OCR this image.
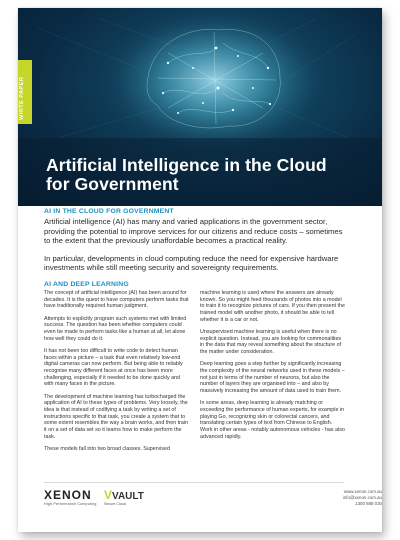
Artificial Intelligence in the Cloud
for Government
WHITE PAPER
AI IN THE CLOUD FOR GOVERNMENT

Artificial intelligence (AI) has many and varied applications in the government sector, providing the potential to improve services for our citizens and reduce costs – sometimes to the extent that the previously unaffordable becomes a practical reality.

In particular, developments in cloud computing reduce the need for expensive hardware investments while still meeting security and sovereignty requirements.

AI AND DEEP LEARNING

The concept of artificial intelligence (AI) has been around for decades. It is the quest to have computers perform tasks that have traditionally required human judgment.

Attempts to explicitly program such systems met with limited success. The question has been whether computers could even be made to perform tasks like a human at all, let alone how well they could do it.

It has not been too difficult to write code to detect human faces within a picture – a task that even relatively low-end digital cameras can now perform. But being able to reliably recognise many different faces at once has been more challenging, especially if it needed to be done quickly and with many faces in the picture.

The development of machine learning has turbocharged the application of AI to these types of problems. Very loosely, the idea is that instead of codifying a task by writing a set of instructions specific to that task, you create a system that to some extent resembles the way a brain works, and then train it on a set of data set so it learns how to make perform the task.

These models fall into two broad classes. Supervised

machine learning is used where the answers are already known. So you might feed thousands of photos into a model to train it to recognize pictures of cars. If you then present the trained model with another photo, it should be able to tell whether it is a car or not.

Unsupervised machine learning is useful when there is no explicit question. Instead, you are looking for commonalities in the data that may reveal something about the structure of the matter under consideration.

Deep learning goes a step further by significantly increasing the complexity of the neural networks used in these models – not just in terms of the number of neurons, but also the number of layers they are organised into – and also by massively increasing the amount of data used to train them.

In some areas, deep learning is already matching or exceeding the performance of human experts, for example in playing Go, recognizing skin or colorectal cancers, and translating certain types of text from Chinese to English. Work in other areas - notably autonomous vehicles - has also advanced rapidly.

XENON
High Performance Computing
VVAULT
Secure Cloud
www.xenon.com.au
info@xenon.com.au
1300 888 030
